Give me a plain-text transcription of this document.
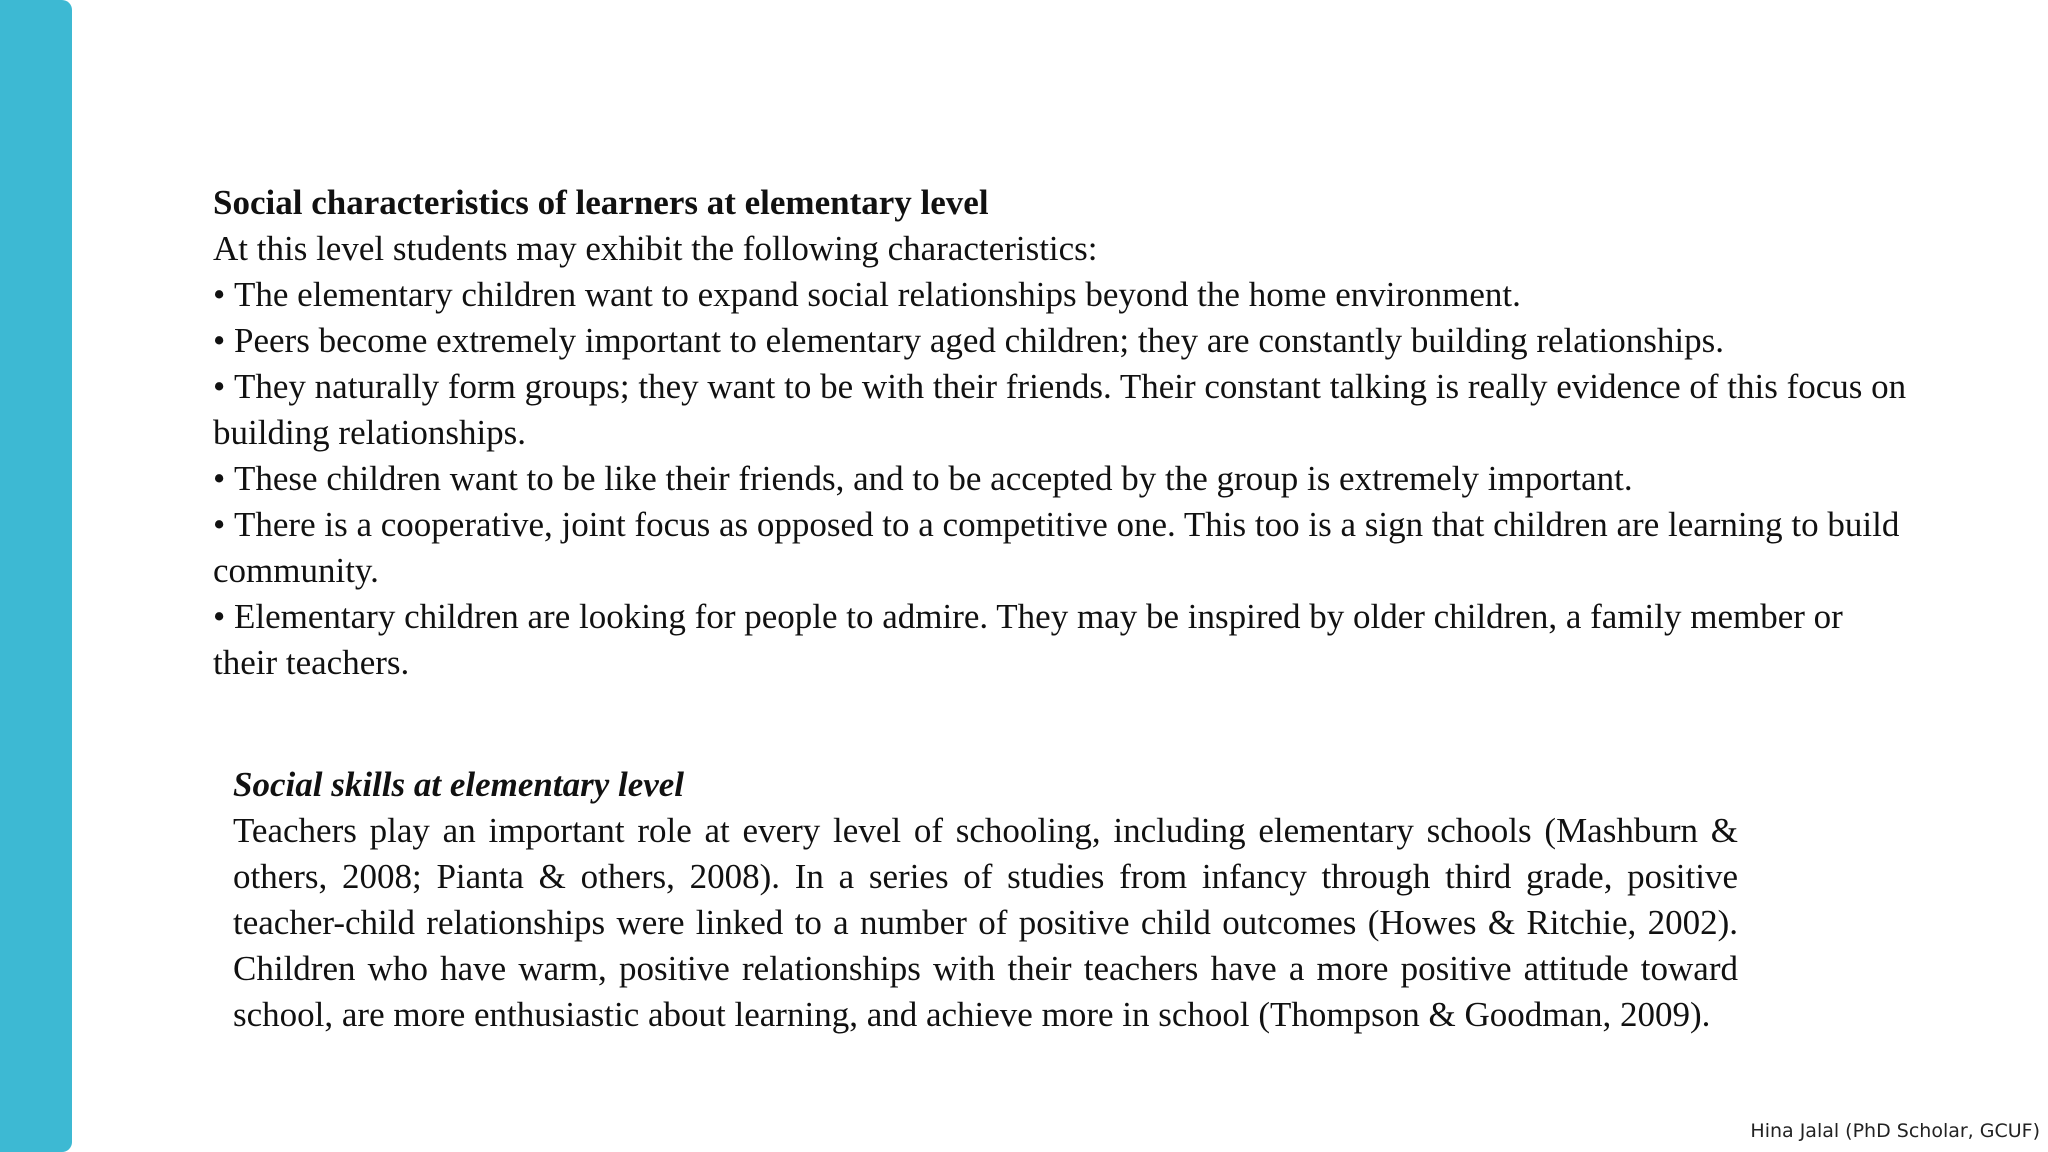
Social characteristics of learners at elementary level

At this level students may exhibit the following characteristics:

• The elementary children want to expand social relationships beyond the home environment.

• Peers become extremely important to elementary aged children; they are constantly building relationships.

• They naturally form groups; they want to be with their friends. Their constant talking is really evidence of this focus on building relationships.

• These children want to be like their friends, and to be accepted by the group is extremely important.

• There is a cooperative, joint focus as opposed to a competitive one. This too is a sign that children are learning to build community.

• Elementary children are looking for people to admire. They may be inspired by older children, a family member or their teachers.

Social skills at elementary level

Teachers play an important role at every level of schooling, including elementary schools (Mashburn & others, 2008; Pianta & others, 2008). In a series of studies from infancy through third grade, positive teacher-child relationships were linked to a number of positive child outcomes (Howes & Ritchie, 2002). Children who have warm, positive relationships with their teachers have a more positive attitude toward school, are more enthusiastic about learning, and achieve more in school (Thompson & Goodman, 2009).

Hina Jalal (PhD Scholar, GCUF)
